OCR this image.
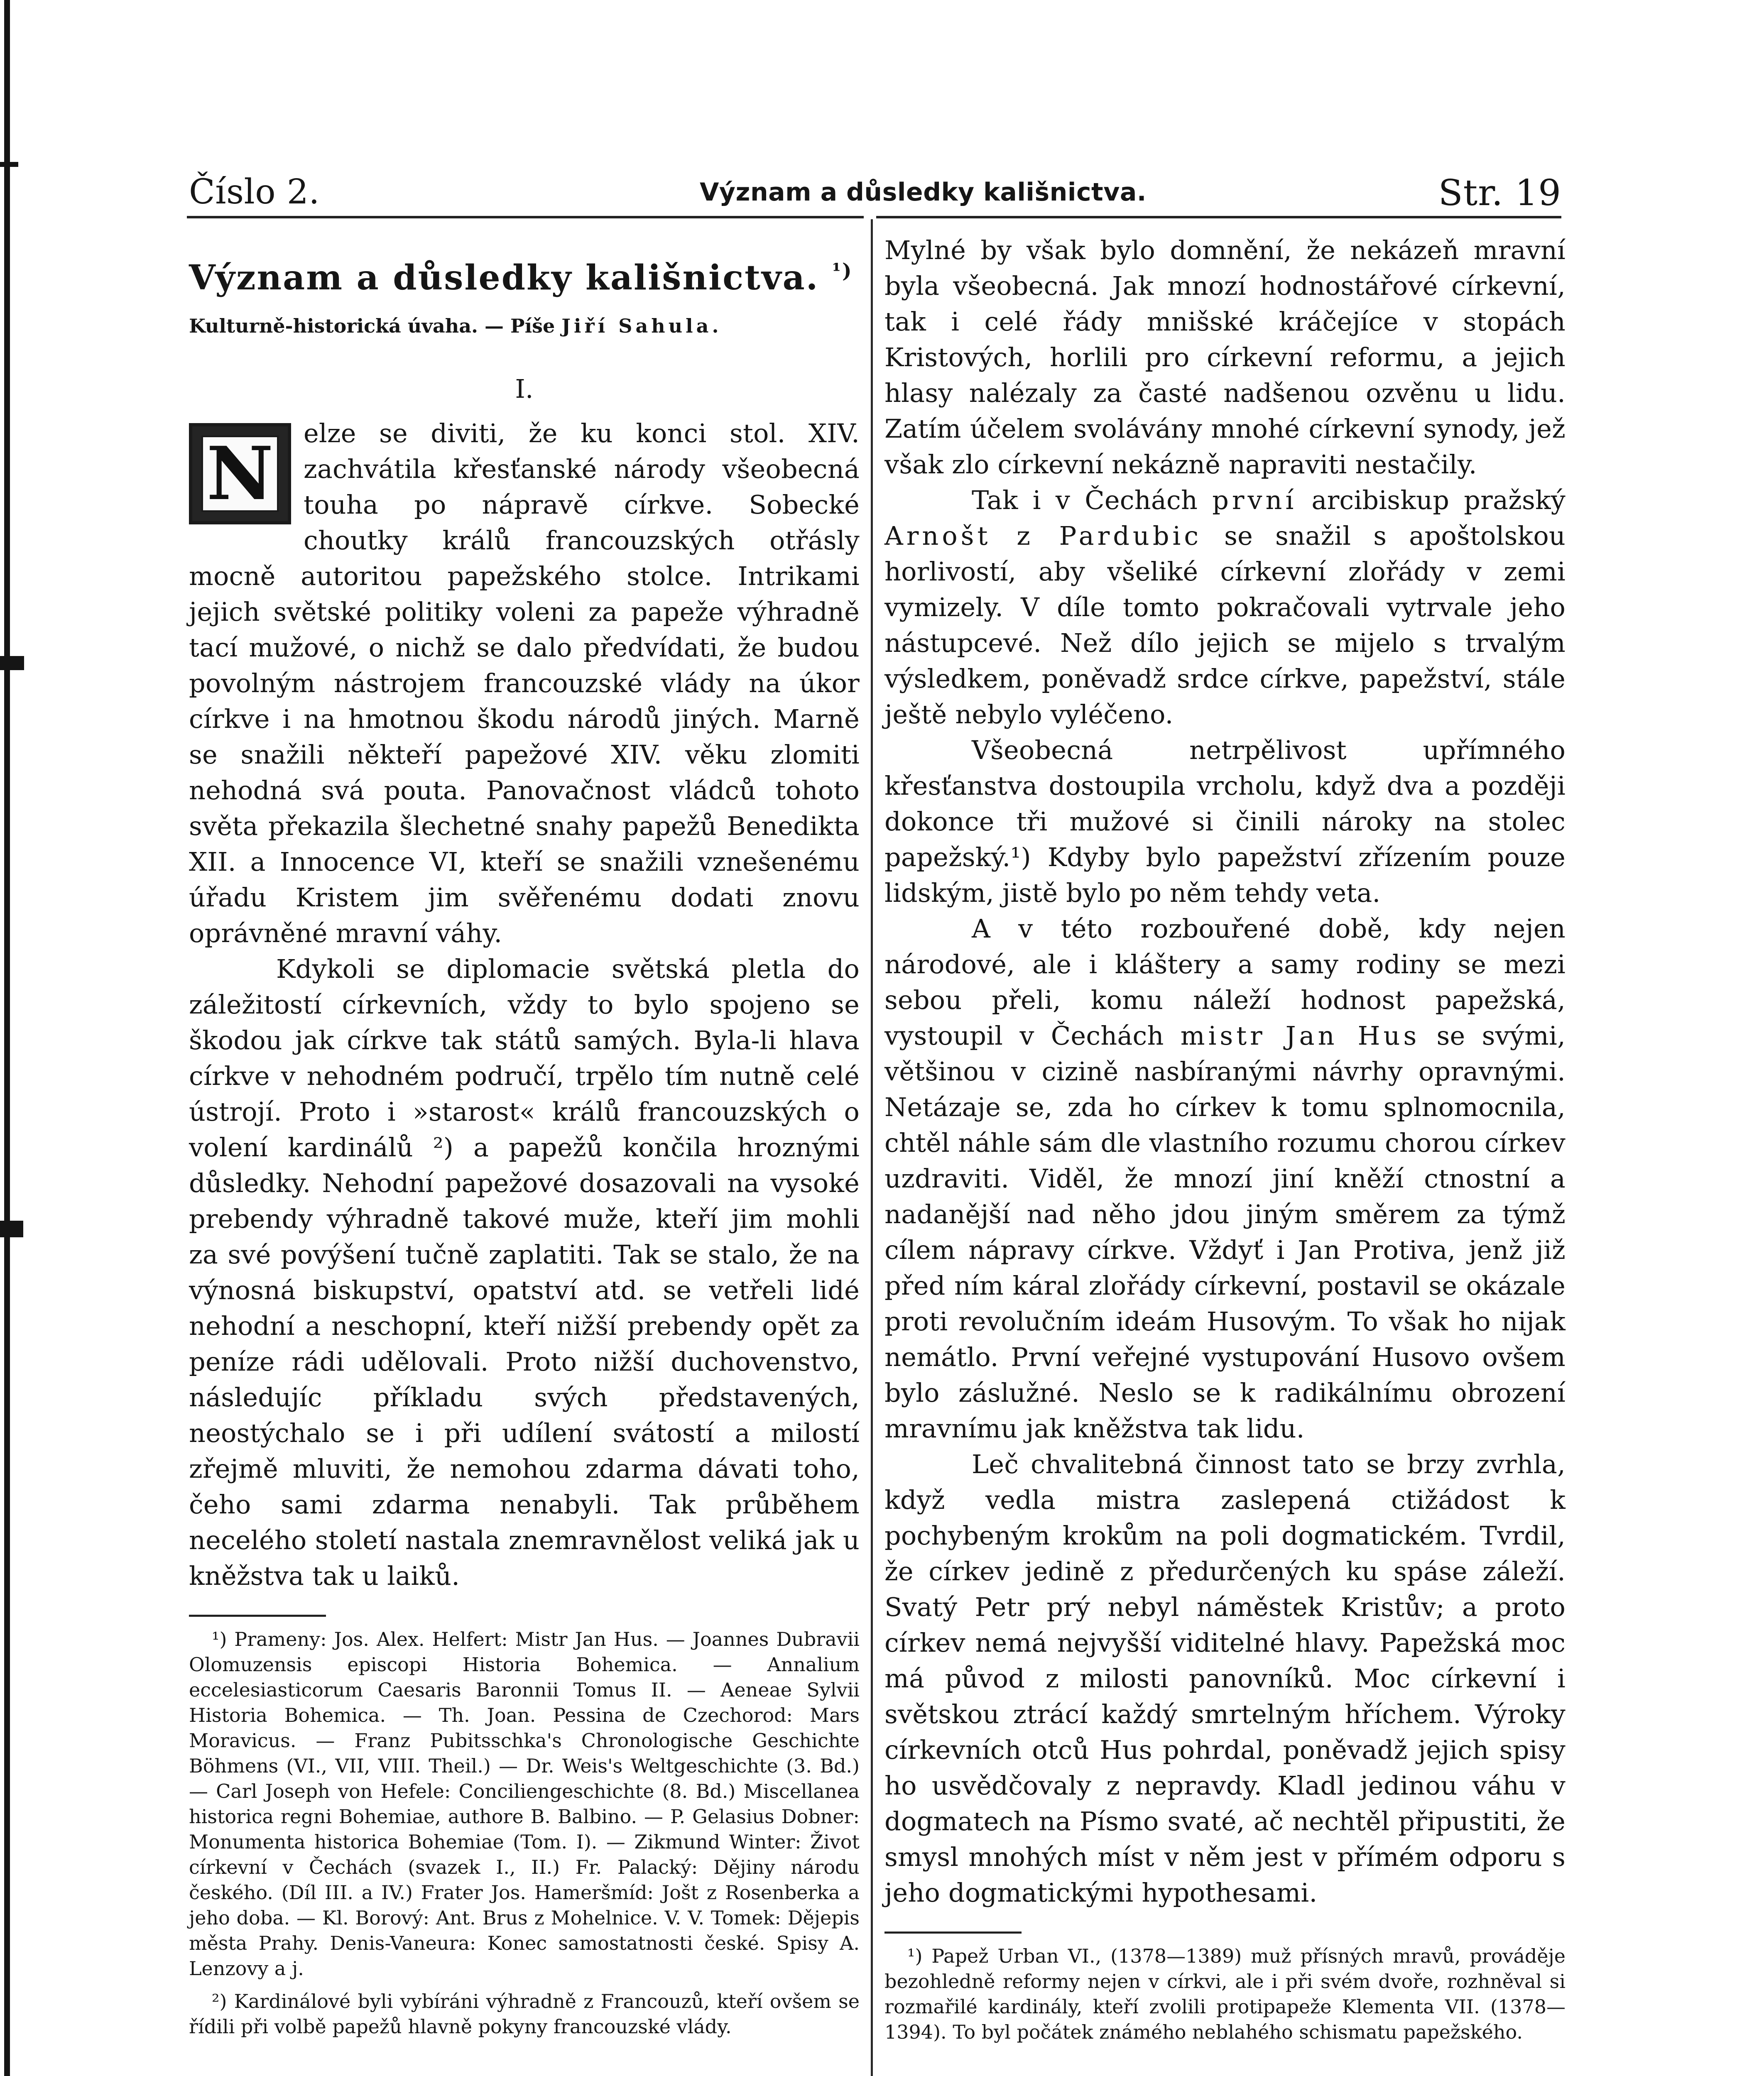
Číslo 2.	Význam a důsledky kališnictva.	Str. 19
Význam a důsledky kališnictva. $^{^1)}$
Kulturně-historická úvaha. — Píše Jiří Sahula.
I.

N elze se diviti, že ku konci stol. XIV. zachvátila křesťanské národy všeobecná touha po nápravě církve. Sobecké choutky králů francouzských otřásly mocně autoritou papežského stolce. Intrikami jejich světské politiky voleni za papeže výhradně tací mužové, o nichž se dalo předvídati, že budou povolným nástrojem francouzské vlády na úkor církve i na hmotnou škodu národů jiných. Marně se snažili někteří papežové XIV. věku zlomiti nehodná svá pouta. Panovačnost vládců tohoto světa překazila šlechetné snahy papežů Benedikta XII. a Innocence VI, kteří se snažili vznešenému úřadu Kristem jim svěřenému dodati znovu oprávněné mravní váhy.

Kdykoli se diplomacie světská pletla do záležitostí církevních, vždy to bylo spojeno se škodou jak církve tak států samých. Byla-li hlava církve v nehodném područí, trpělo tím nutně celé ústrojí. Proto i »starost« králů francouzských o volení kardinálů ²) a papežů končila hroznými důsledky. Nehodní papežové dosazovali na vysoké prebendy výhradně takové muže, kteří jim mohli za své povýšení tučně zaplatiti. Tak se stalo, že na výnosná biskupství, opatství atd. se vetřeli lidé nehodní a neschopní, kteří nižší prebendy opět za peníze rádi udělovali. Proto nižší duchovenstvo, následujíc příkladu svých představených, neostýchalo se i při udílení svátostí a milostí zřejmě mluviti, že nemohou zdarma dávati toho, čeho sami zdarma nenabyli. Tak průběhem necelého století nastala znemravnělost veliká jak u kněžstva tak u laiků.

¹) Prameny: Jos. Alex. Helfert: Mistr Jan Hus. — Joannes Dubravii Olomuzensis episcopi Historia Bohemica. — Annalium eccelesiasticorum Caesaris Baronnii Tomus II. — Aeneae Sylvii Historia Bohemica. — Th. Joan. Pessina de Czechorod: Mars Moravicus. — Franz Pubitsschka's Chronologische Geschichte Böhmens (VI., VII, VIII. Theil.) — Dr. Weis's Weltgeschichte (3. Bd.) — Carl Joseph von Hefele: Conciliengeschichte (8. Bd.) Miscellanea historica regni Bohemiae, authore B. Balbino. — P. Gelasius Dobner: Monumenta historica Bohemiae (Tom. I). — Zikmund Winter: Život církevní v Čechách (svazek I., II.) Fr. Palacký: Dějiny národu českého. (Díl III. a IV.) Frater Jos. Hameršmíd: Jošt z Rosenberka a jeho doba. — Kl. Borový: Ant. Brus z Mohelnice. V. V. Tomek: Dějepis města Prahy. Denis-Vaneura: Konec samostatnosti české. Spisy A. Lenzovy a j.

²) Kardinálové byli vybíráni výhradně z Francouzů, kteří ovšem se řídili při volbě papežů hlavně pokyny francouzské vlády.

Mylné by však bylo domnění, že nekázeň mravní byla všeobecná. Jak mnozí hodnostářové církevní, tak i celé řády mnišské kráčejíce v stopách Kristových, horlili pro církevní reformu, a jejich hlasy nalézaly za časté nadšenou ozvěnu u lidu. Zatím účelem svolávány mnohé církevní synody, jež však zlo církevní nekázně napraviti nestačily.

Tak i v Čechách první arcibiskup pražský Arnošt z Pardubic se snažil s apoštolskou horlivostí, aby všeliké církevní zlořády v zemi vymizely. V díle tomto pokračovali vytrvale jeho nástupcevé. Než dílo jejich se mijelo s trvalým výsledkem, poněvadž srdce církve, papežství, stále ještě nebylo vyléčeno.

Všeobecná netrpělivost upřímného křesťanstva dostoupila vrcholu, když dva a později dokonce tři mužové si činili nároky na stolec papežský.¹) Kdyby bylo papežství zřízením pouze lidským, jistě bylo po něm tehdy veta.

A v této rozbouřené době, kdy nejen národové, ale i kláštery a samy rodiny se mezi sebou přeli, komu náleží hodnost papežská, vystoupil v Čechách mistr Jan Hus se svými, většinou v cizině nasbíranými návrhy opravnými. Netázaje se, zda ho církev k tomu splnomocnila, chtěl náhle sám dle vlastního rozumu chorou církev uzdraviti. Viděl, že mnozí jiní kněží ctnostní a nadanější nad něho jdou jiným směrem za týmž cílem nápravy církve. Vždyť i Jan Protiva, jenž již před ním káral zlořády církevní, postavil se okázale proti revolučním ideám Husovým. To však ho nijak nemátlo. První veřejné vystupování Husovo ovšem bylo záslužné. Neslo se k radikálnímu obrození mravnímu jak kněžstva tak lidu.

Leč chvalitebná činnost tato se brzy zvrhla, když vedla mistra zaslepená ctižádost k pochybeným krokům na poli dogmatickém. Tvrdil, že církev jedině z předurčených ku spáse záleží. Svatý Petr prý nebyl náměstek Kristův; a proto církev nemá nejvyšší viditelné hlavy. Papežská moc má původ z milosti panovníků. Moc církevní i světskou ztrácí každý smrtelným hříchem. Výroky církevních otců Hus pohrdal, poněvadž jejich spisy ho usvědčovaly z nepravdy. Kladl jedinou váhu v dogmatech na Písmo svaté, ač nechtěl připustiti, že smysl mnohých míst v něm jest v přímém odporu s jeho dogmatickými hypothesami.

¹) Papež Urban VI., (1378—1389) muž přísných mravů, prováděje bezohledně reformy nejen v církvi, ale i při svém dvoře, rozhněval si rozmařilé kardinály, kteří zvolili protipapeže Klementa VII. (1378—1394). To byl počátek známého neblahého schismatu papežského.
